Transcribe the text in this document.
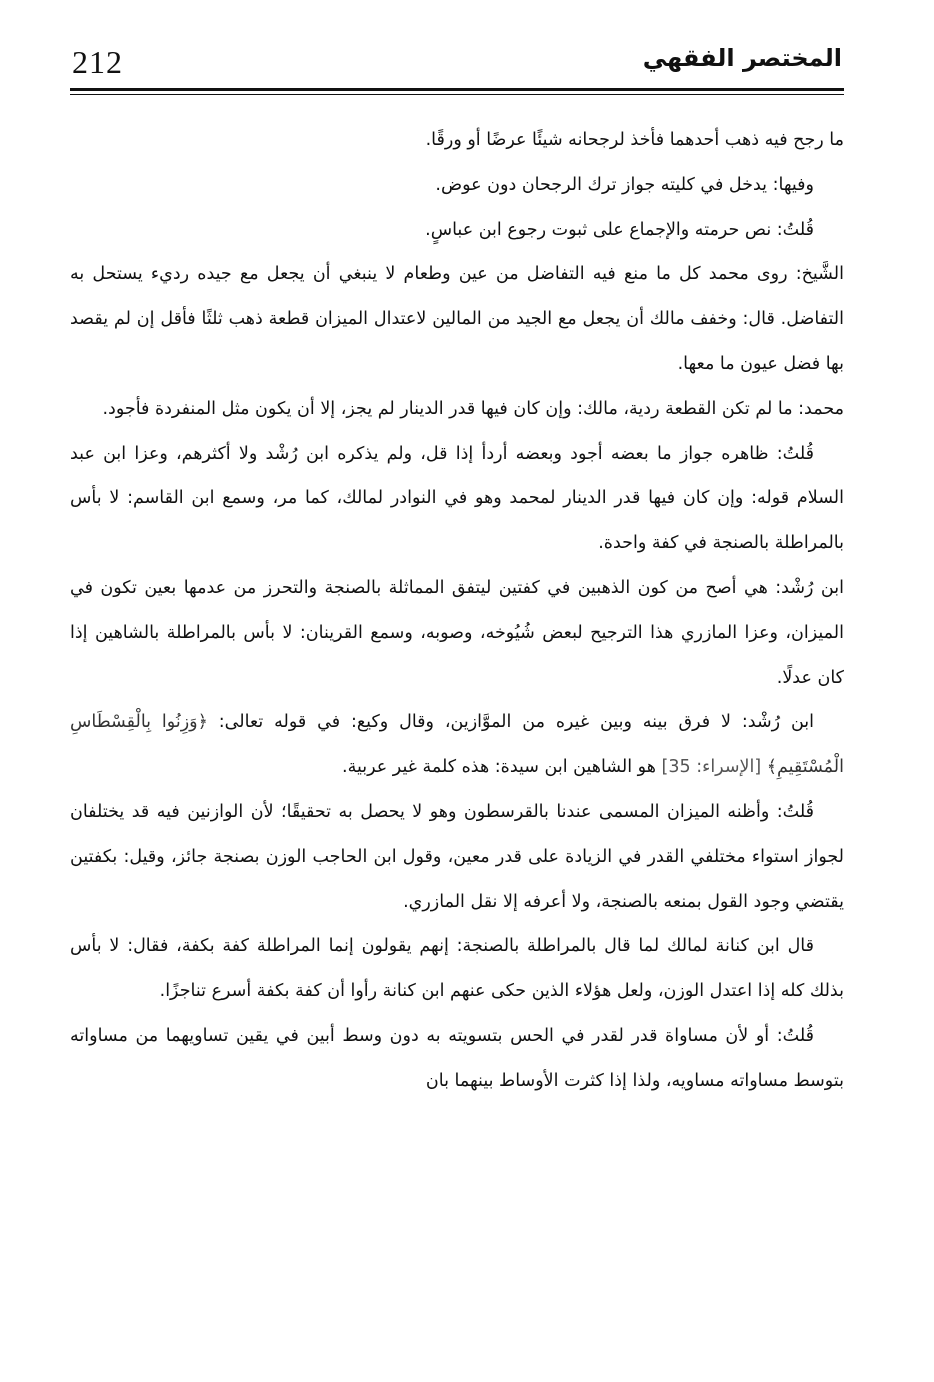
212	المختصر الفقهي

ما رجح فيه ذهب أحدهما فأخذ لرجحانه شيئًا عرضًا أو ورقًا.

وفيها: يدخل في كليته جواز ترك الرجحان دون عوض.

قُلتُ: نص حرمته والإجماع على ثبوت رجوع ابن عباسٍ.

الشَّيخ: روى محمد كل ما منع فيه التفاضل من عين وطعام لا ينبغي أن يجعل مع جيده رديء يستحل به التفاضل. قال: وخفف مالك أن يجعل مع الجيد من المالين لاعتدال الميزان قطعة ذهب ثلثًا فأقل إن لم يقصد بها فضل عيون ما معها.

محمد: ما لم تكن القطعة ردية، مالك: وإن كان فيها قدر الدينار لم يجز، إلا أن يكون مثل المنفردة فأجود.

قُلتُ: ظاهره جواز ما بعضه أجود وبعضه أردأ إذا قل، ولم يذكره ابن رُشْد ولا أكثرهم، وعزا ابن عبد السلام قوله: وإن كان فيها قدر الدينار لمحمد وهو في النوادر لمالك، كما مر، وسمع ابن القاسم: لا بأس بالمراطلة بالصنجة في كفة واحدة.

ابن رُشْد: هي أصح من كون الذهبين في كفتين ليتفق المماثلة بالصنجة والتحرز من عدمها بعين تكون في الميزان، وعزا المازري هذا الترجيح لبعض شُيُوخه، وصوبه، وسمع القرينان: لا بأس بالمراطلة بالشاهين إذا كان عدلًا.

ابن رُشْد: لا فرق بينه وبين غيره من الموَّازين، وقال وكيع: في قوله تعالى: ﴿وَزِنُوا بِالْقِسْطَاسِ الْمُسْتَقِيمِ﴾ [الإسراء: 35] هو الشاهين ابن سيدة: هذه كلمة غير عربية.

قُلتُ: وأظنه الميزان المسمى عندنا بالقرسطون وهو لا يحصل به تحقيقًا؛ لأن الوازنين فيه قد يختلفان لجواز استواء مختلفي القدر في الزيادة على قدر معين، وقول ابن الحاجب الوزن بصنجة جائز، وقيل: بكفتين يقتضي وجود القول بمنعه بالصنجة، ولا أعرفه إلا نقل المازري.

قال ابن كنانة لمالك لما قال بالمراطلة بالصنجة: إنهم يقولون إنما المراطلة كفة بكفة، فقال: لا بأس بذلك كله إذا اعتدل الوزن، ولعل هؤلاء الذين حكى عنهم ابن كنانة رأوا أن كفة بكفة أسرع تناجزًا.

قُلتُ: أو لأن مساواة قدر لقدر في الحس بتسويته به دون وسط أبين في يقين تساويهما من مساواته بتوسط مساواته مساويه، ولذا إذا كثرت الأوساط بينهما بان
